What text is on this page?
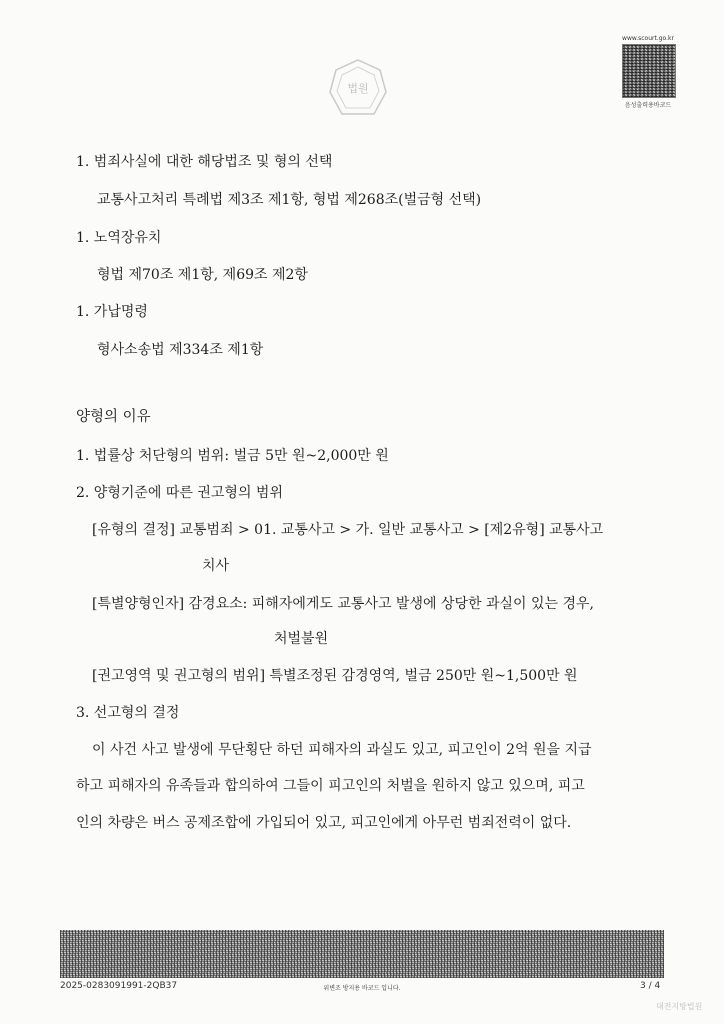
법원
www.scourt.go.kr
음성출력용바코드
1. 범죄사실에 대한 해당법조 및 형의 선택
교통사고처리 특례법 제3조 제1항, 형법 제268조(벌금형 선택)
1. 노역장유치
형법 제70조 제1항, 제69조 제2항
1. 가납명령
형사소송법 제334조 제1항
양형의 이유
1. 법률상 처단형의 범위: 벌금 5만 원~2,000만 원
2. 양형기준에 따른 권고형의 범위
[유형의 결정] 교통범죄 > 01. 교통사고 > 가. 일반 교통사고 > [제2유형] 교통사고
치사
[특별양형인자] 감경요소: 피해자에게도 교통사고 발생에 상당한 과실이 있는 경우,
처벌불원
[권고영역 및 권고형의 범위] 특별조정된 감경영역, 벌금 250만 원~1,500만 원
3. 선고형의 결정
이 사건 사고 발생에 무단횡단 하던 피해자의 과실도 있고, 피고인이 2억 원을 지급
하고 피해자의 유족들과 합의하여 그들이 피고인의 처벌을 원하지 않고 있으며, 피고
인의 차량은 버스 공제조합에 가입되어 있고, 피고인에게 아무런 범죄전력이 없다.
2025-0283091991-2QB37	위변조 방지용 바코드 입니다.	3 / 4
대전지방법원
